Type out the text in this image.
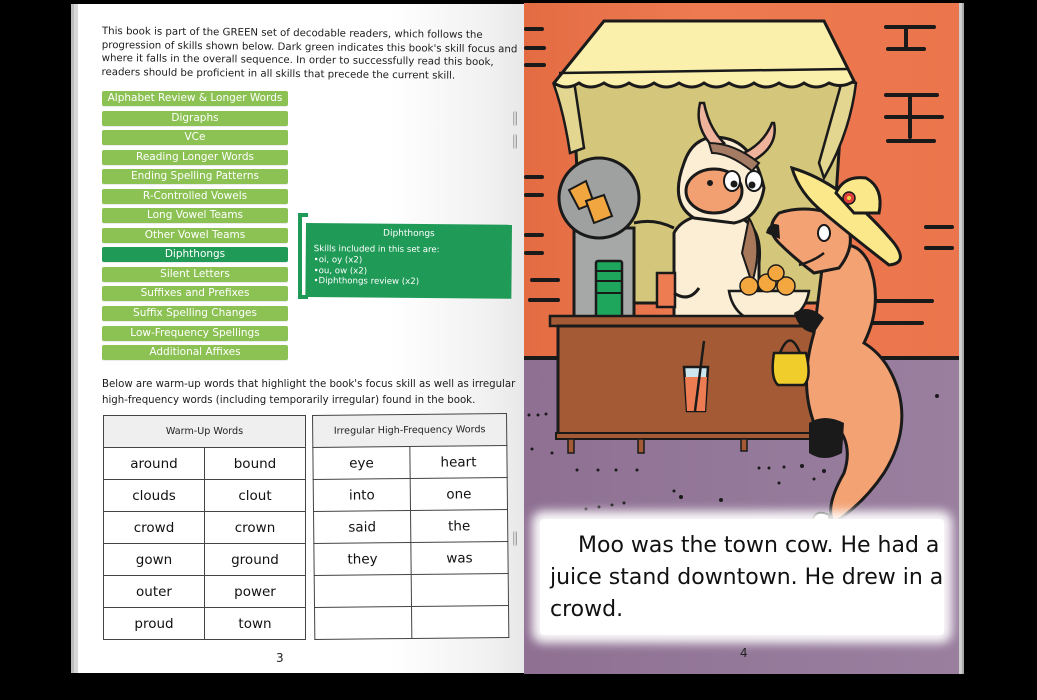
This book is part of the GREEN set of decodable readers, which follows the progression of skills shown below. Dark green indicates this book's skill focus and where it falls in the overall sequence. In order to successfully read this book, readers should be proficient in all skills that precede the current skill.

Alphabet Review & Longer Words
Digraphs
VCe
Reading Longer Words
Ending Spelling Patterns
R-Controlled Vowels
Long Vowel Teams
Other Vowel Teams
Diphthongs
Silent Letters
Suffixes and Prefixes
Suffix Spelling Changes
Low-Frequency Spellings
Additional Affixes
Diphthongs
Skills included in this set are:
• oi, oy (x2)
• ou, ow (x2)
• Diphthongs review (x2)

Below are warm-up words that highlight the book's focus skill as well as irregular high-frequency words (including temporarily irregular) found in the book.

Warm-Up Words	
around	bound
clouds	clout
crowd	crown
gown	ground
outer	power
proud	town
Irregular High-Frequency Words	
eye	heart
into	one
said	the
they	was

3

Moo was the town cow. He had a juice stand downtown. He drew in a crowd.

4
